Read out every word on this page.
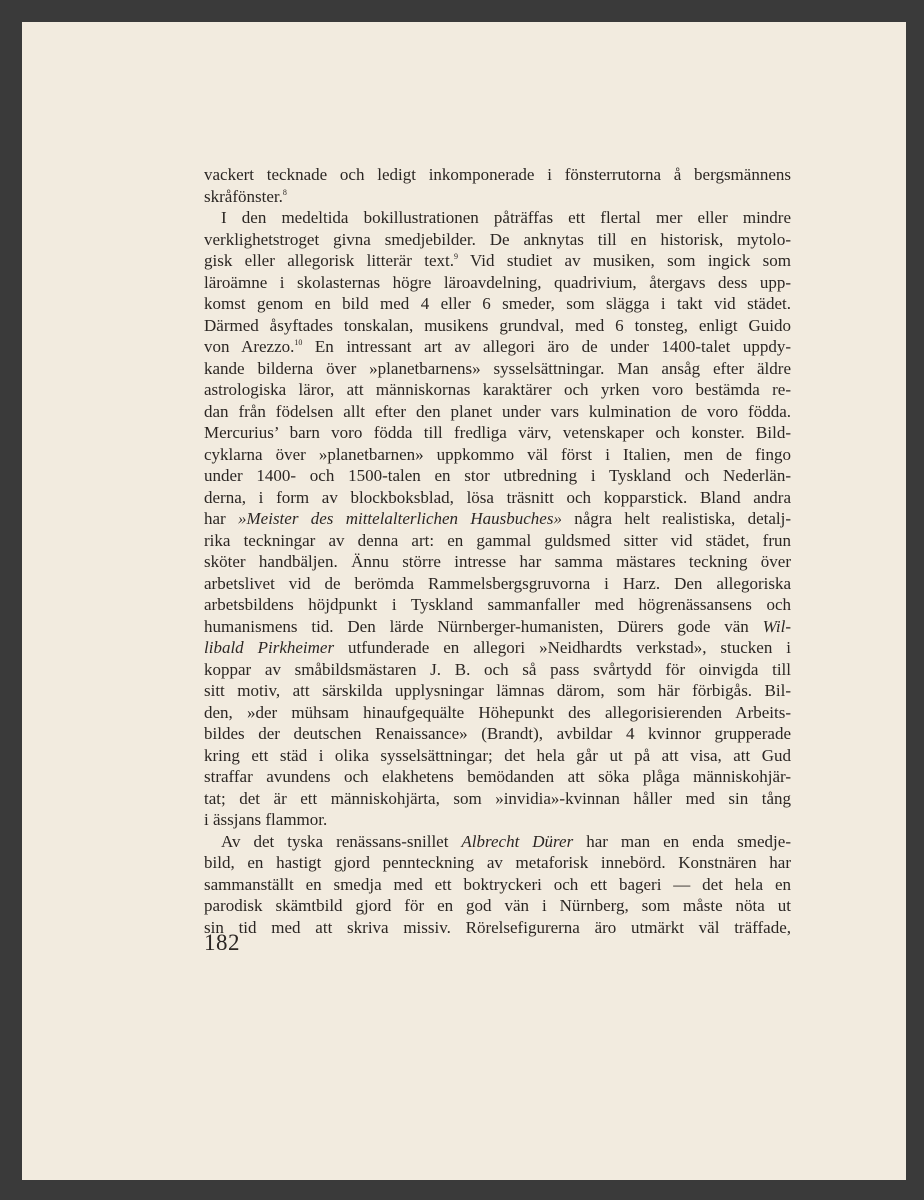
vackert tecknade och ledigt inkomponerade i fönsterrutorna å bergsmännens
skråfönster.$^8$
I den medeltida bokillustrationen påträffas ett flertal mer eller mindre
verklighetstroget givna smedjebilder. De anknytas till en historisk, mytolo-
gisk eller allegorisk litterär text.$^9$ Vid studiet av musiken, som ingick som
läroämne i skolasternas högre läroavdelning, quadrivium, återgavs dess upp-
komst genom en bild med 4 eller 6 smeder, som slägga i takt vid städet.
Därmed åsyftades tonskalan, musikens grundval, med 6 tonsteg, enligt Guido
von Arezzo.$^{10}$ En intressant art av allegori äro de under 1400-talet uppdy-
kande bilderna över »planetbarnens» sysselsättningar. Man ansåg efter äldre
astrologiska läror, att människornas karaktärer och yrken voro bestämda re-
dan från födelsen allt efter den planet under vars kulmination de voro födda.
Mercurius’ barn voro födda till fredliga värv, vetenskaper och konster. Bild-
cyklarna över »planetbarnen» uppkommo väl först i Italien, men de fingo
under 1400- och 1500-talen en stor utbredning i Tyskland och Nederlän-
derna, i form av blockboksblad, lösa träsnitt och kopparstick. Bland andra
har »Meister des mittelalterlichen Hausbuches» några helt realistiska, detalj-
rika teckningar av denna art: en gammal guldsmed sitter vid städet, frun
sköter handbäljen. Ännu större intresse har samma mästares teckning över
arbetslivet vid de berömda Rammelsbergsgruvorna i Harz. Den allegoriska
arbetsbildens höjdpunkt i Tyskland sammanfaller med högrenässansens och
humanismens tid. Den lärde Nürnberger-humanisten, Dürers gode vän Wil-
libald Pirkheimer utfunderade en allegori »Neidhardts verkstad», stucken i
koppar av småbildsmästaren J. B. och så pass svårtydd för oinvigda till
sitt motiv, att särskilda upplysningar lämnas därom, som här förbigås. Bil-
den, »der mühsam hinaufgequälte Höhepunkt des allegorisierenden Arbeits-
bildes der deutschen Renaissance» (Brandt), avbildar 4 kvinnor grupperade
kring ett städ i olika sysselsättningar; det hela går ut på att visa, att Gud
straffar avundens och elakhetens bemödanden att söka plåga människohjär-
tat; det är ett människohjärta, som »invidia»-kvinnan håller med sin tång
i ässjans flammor.
Av det tyska renässans-snillet Albrecht Dürer har man en enda smedje-
bild, en hastigt gjord pennteckning av metaforisk innebörd. Konstnären har
sammanställt en smedja med ett boktryckeri och ett bageri — det hela en
parodisk skämtbild gjord för en god vän i Nürnberg, som måste nöta ut
sin tid med att skriva missiv. Rörelsefigurerna äro utmärkt väl träffade,
182
